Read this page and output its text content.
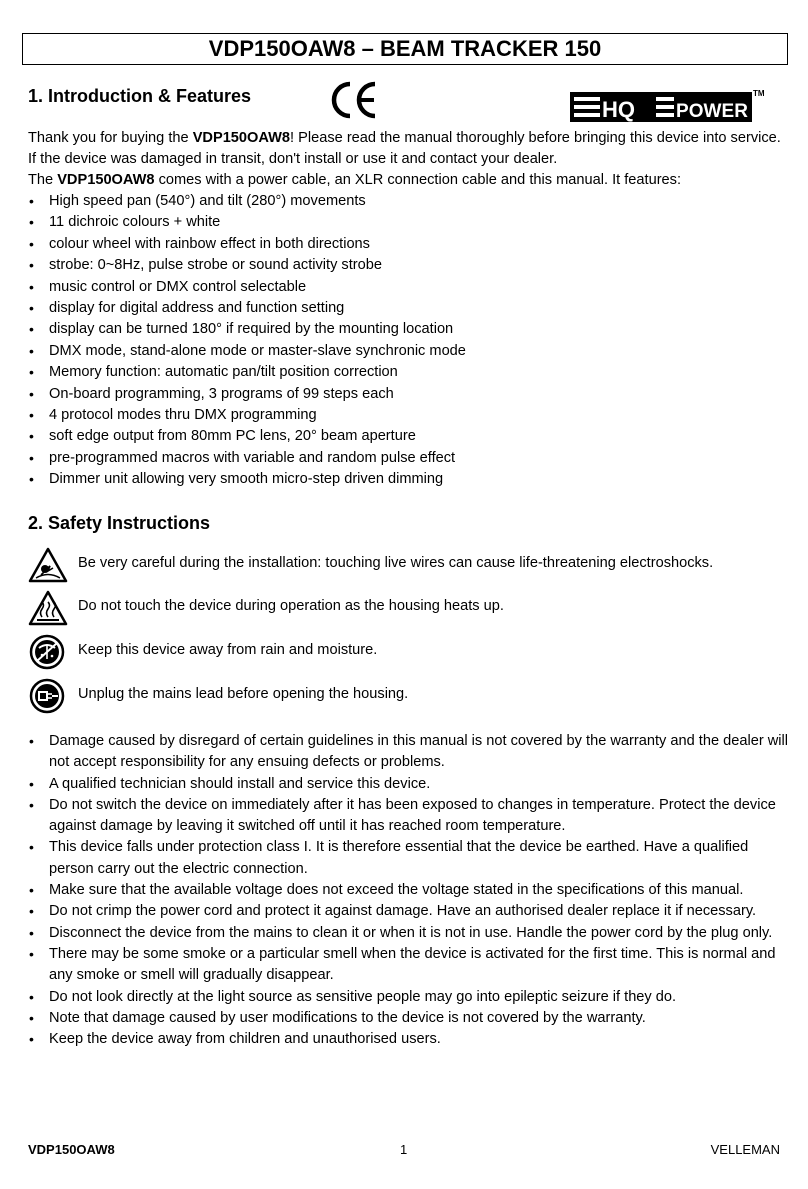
VDP150OAW8 – BEAM TRACKER 150
1. Introduction & Features
HQ POWER
TM
Thank you for buying the VDP150OAW8! Please read the manual thoroughly before bringing this device into service.
If the device was damaged in transit, don't install or use it and contact your dealer.
The VDP150OAW8 comes with a power cable, an XLR connection cable and this manual. It features:
• High speed pan (540°) and tilt (280°) movements
• 11 dichroic colours + white
• colour wheel with rainbow effect in both directions
• strobe: 0~8Hz, pulse strobe or sound activity strobe
• music control or DMX control selectable
• display for digital address and function setting
• display can be turned 180° if required by the mounting location
• DMX mode, stand-alone mode or master-slave synchronic mode
• Memory function: automatic pan/tilt position correction
• On-board programming, 3 programs of 99 steps each
• 4 protocol modes thru DMX programming
• soft edge output from 80mm PC lens, 20° beam aperture
• pre-programmed macros with variable and random pulse effect
• Dimmer unit allowing very smooth micro-step driven dimming
2. Safety Instructions
Be very careful during the installation: touching live wires can cause life-threatening electroshocks.
Do not touch the device during operation as the housing heats up.
Keep this device away from rain and moisture.
Unplug the mains lead before opening the housing.
• Damage caused by disregard of certain guidelines in this manual is not covered by the warranty and the dealer will not accept responsibility for any ensuing defects or problems.
• A qualified technician should install and service this device.
• Do not switch the device on immediately after it has been exposed to changes in temperature. Protect the device against damage by leaving it switched off until it has reached room temperature.
• This device falls under protection class I. It is therefore essential that the device be earthed. Have a qualified person carry out the electric connection.
• Make sure that the available voltage does not exceed the voltage stated in the specifications of this manual.
• Do not crimp the power cord and protect it against damage. Have an authorised dealer replace it if necessary.
• Disconnect the device from the mains to clean it or when it is not in use. Handle the power cord by the plug only.
• There may be some smoke or a particular smell when the device is activated for the first time. This is normal and any smoke or smell will gradually disappear.
• Do not look directly at the light source as sensitive people may go into epileptic seizure if they do.
• Note that damage caused by user modifications to the device is not covered by the warranty.
• Keep the device away from children and unauthorised users.
VDP150OAW8	1	VELLEMAN
